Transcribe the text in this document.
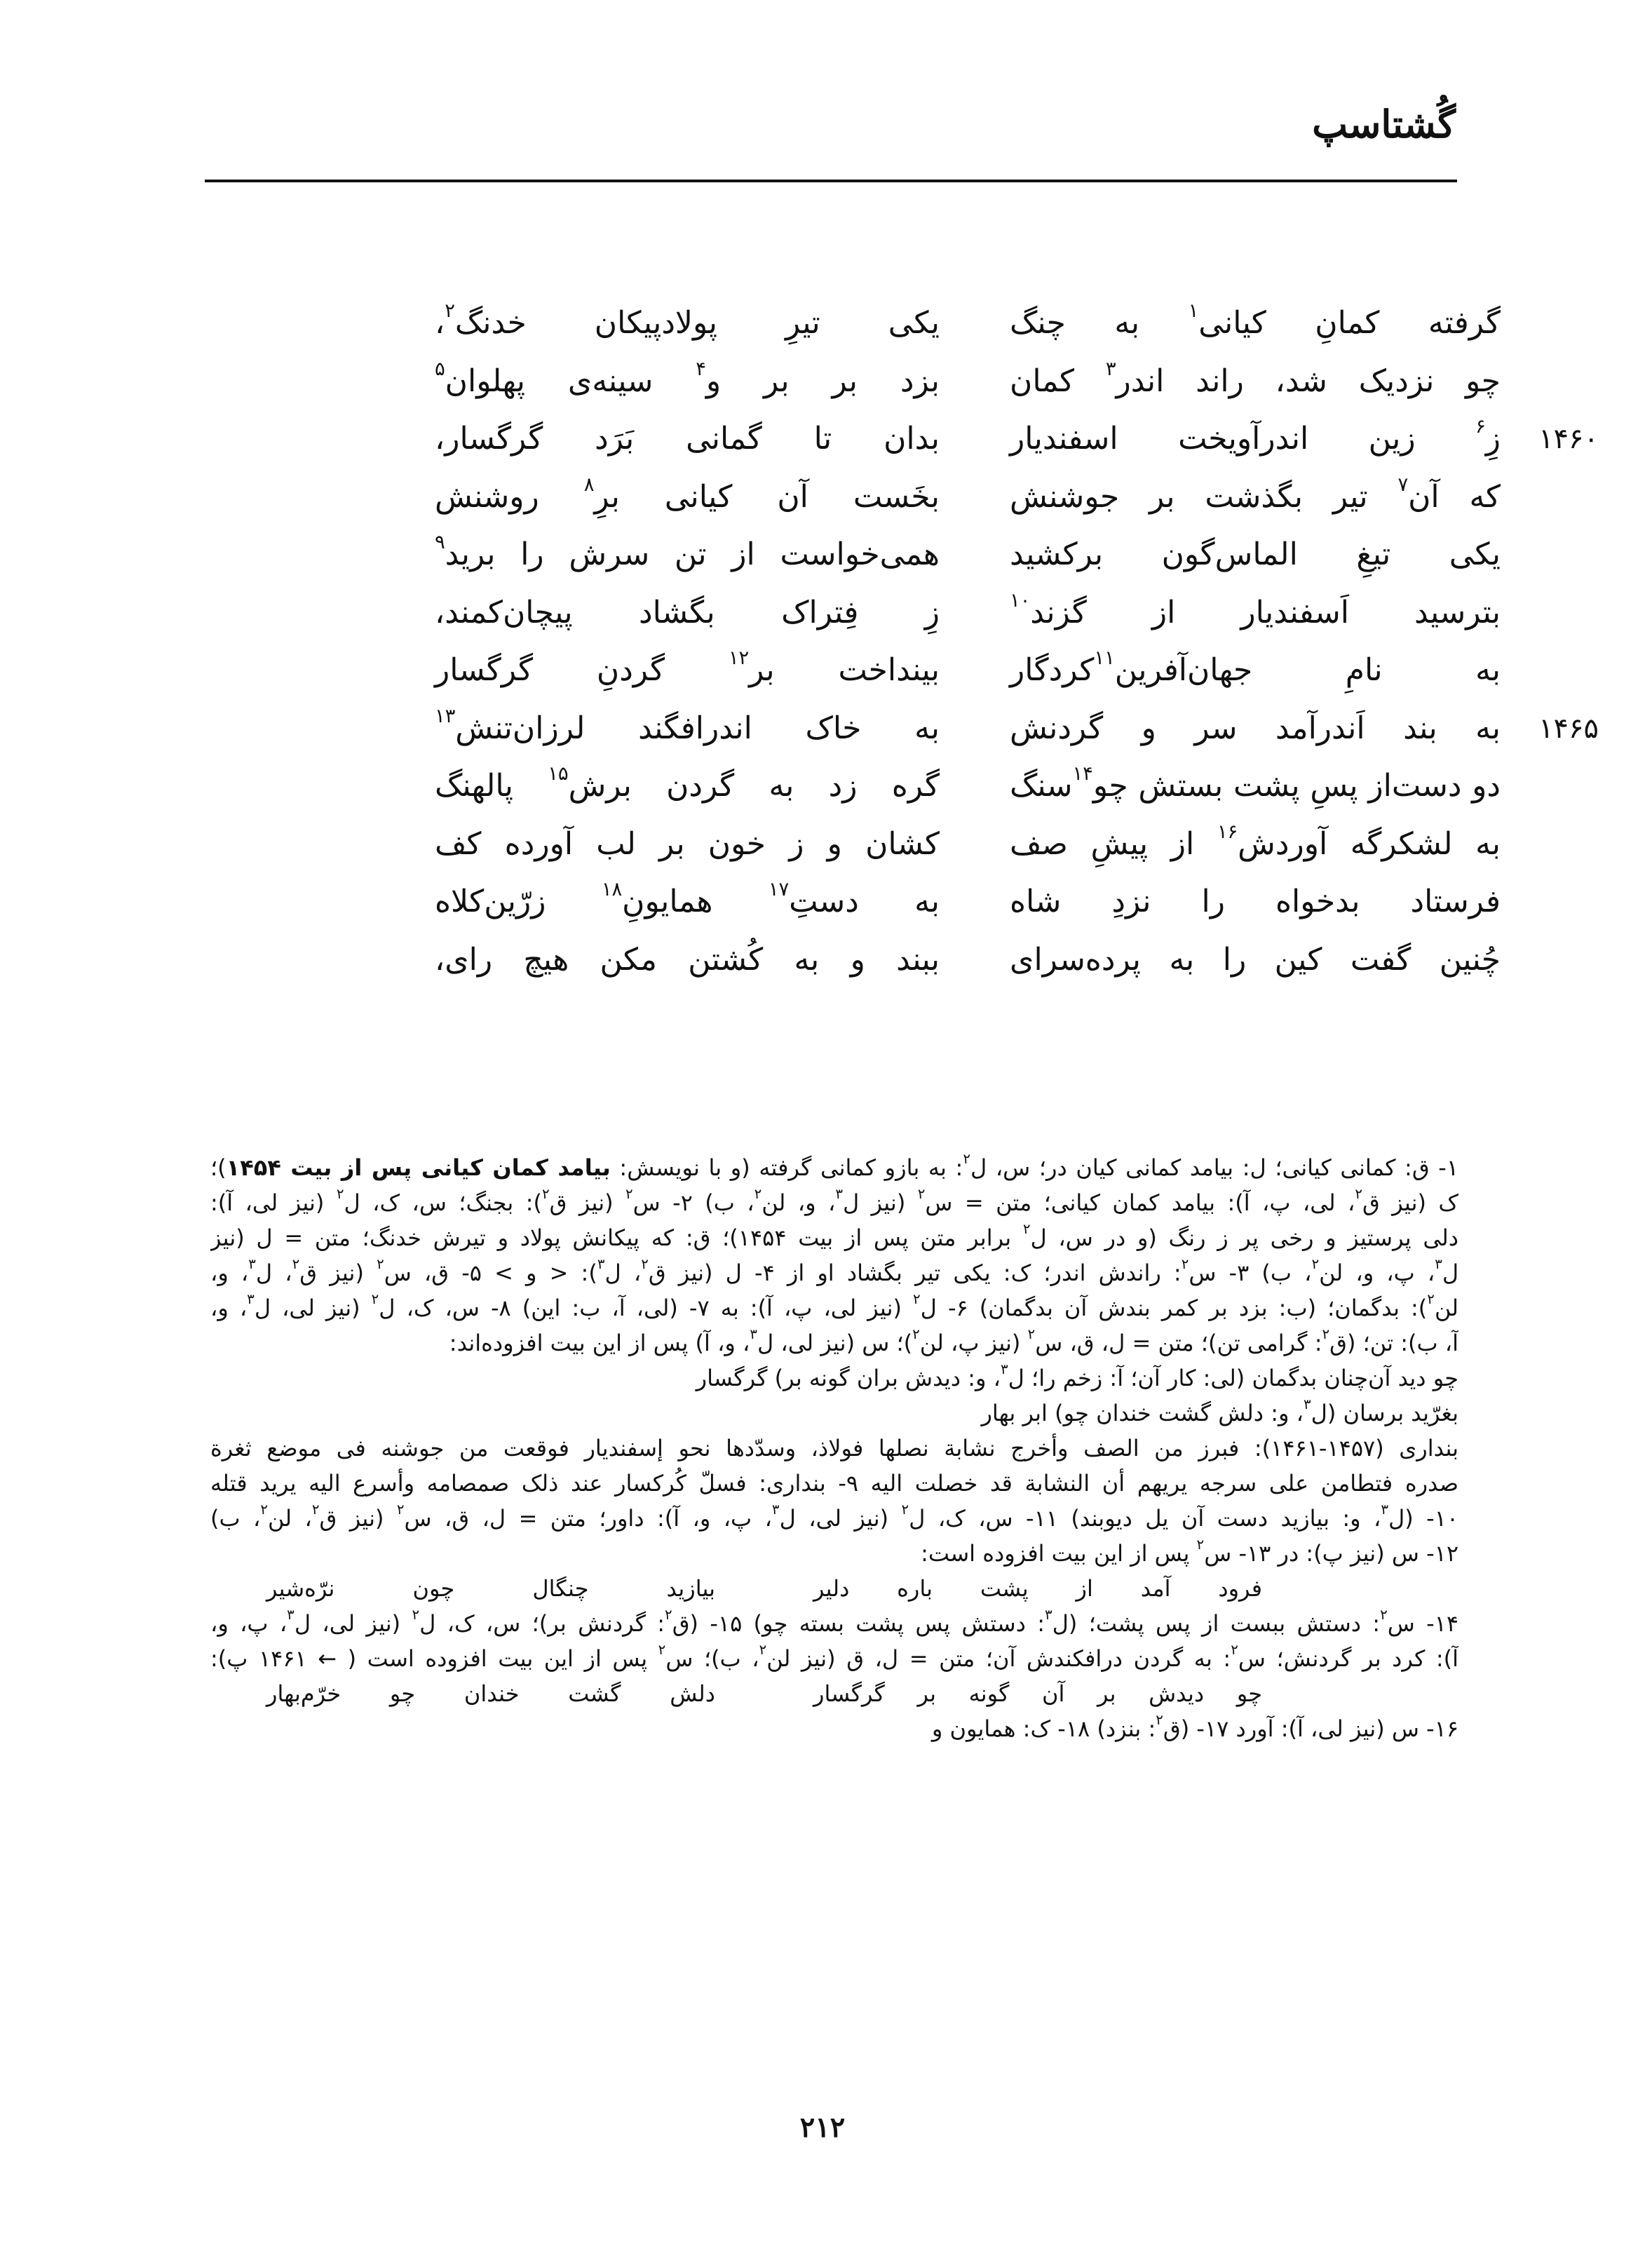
گُشتاسپ
گرفته کمانِ کیانی$^۱$ به چنگ
یکی تیرِ پولادپیکان خدنگ$^۲$،
چو نزدیک شد، راند اندر$^۳$ کمان
بزد بر بر و$^۴$ سینه‌ی پهلوان$^۵$
۱۴۶۰
زِ$^۶$ زین اندرآویخت اسفندیار
بدان تا گمانی بَرَد گرگسار،
که آن$^۷$ تیر بگذشت بر جوشنش
بخَست آن کیانی برِ$^۸$ روشنش
یکی تیغِ الماس‌گون برکشید
همی‌خواست از تن سرش را برید$^۹$
بترسید اَسفندیار از گزند$^{۱۰}$
زِ فِتراک بگشاد پیچان‌کمند،
به نامِ جهان‌آفرین$^{۱۱}$کردگار
بینداخت بر$^{۱۲}$ گردنِ گرگسار
۱۴۶۵
به بند اَندرآمد سر و گردنش
به خاک اندرافگند لرزان‌تنش$^{۱۳}$
دو دست‌از پسِ پشت بستش چو$^{۱۴}$سنگ
گره زد به گردن برش$^{۱۵}$ پالهنگ
به لشکرگه آوردش$^{۱۶}$ از پیشِ صف
کشان و ز خون بر لب آورده کف
فرستاد بدخواه را نزدِ شاه
به دستِ$^{۱۷}$ همایونِ$^{۱۸}$ زرّین‌کلاه
چُنین گفت کین را به پرده‌سرای
ببند و به کُشتن مکن هیچ رای،
۱- ق: کمانی کیانی؛ ل: بیامد کمانی کیان در؛ س، ل$^۲$: به بازو کمانی گرفته (و با نویسش: بیامد کمان کیانی پس از بیت ۱۴۵۴)؛
ک (نیز ق$^۲$، لی، پ، آ): بیامد کمان کیانی؛ متن = س$^۲$ (نیز ل$^۳$، و، لن$^۲$، ب) ۲- س$^۲$ (نیز ق$^۲$): بجنگ؛ س، ک، ل$^۲$ (نیز لی، آ):
دلی پرستیز و رخی پر ز رنگ (و در س، ل$^۲$ برابر متن پس از بیت ۱۴۵۴)؛ ق: که پیکانش پولاد و تیرش خدنگ؛ متن = ل (نیز
ل$^۳$، پ، و، لن$^۲$، ب) ۳- س$^۲$: راندش اندر؛ ک: یکی تیر بگشاد او از ۴- ل (نیز ق$^۲$، ل$^۳$): < و > ۵- ق، س$^۲$ (نیز ق$^۲$، ل$^۳$، و،
لن$^۲$): بدگمان؛ (ب: بزد بر کمر بندش آن بدگمان) ۶- ل$^۲$ (نیز لی، پ، آ): به ۷- (لی، آ، ب: این) ۸- س، ک، ل$^۲$ (نیز لی، ل$^۳$، و،
آ، ب): تن؛ (ق$^۲$: گرامی تن)؛ متن = ل، ق، س$^۲$ (نیز پ، لن$^۲$)؛ س (نیز لی، ل$^۳$، و، آ) پس از این بیت افزوده‌اند:
چو دید آن‌چنان بدگمان (لی: کار آن؛ آ: زخم را؛ ل$^۳$، و: دیدش بران گونه بر) گرگسار
بغرّید برسان (ل$^۳$، و: دلش گشت خندان چو) ابر بهار
بنداری (۱۴۵۷-۱۴۶۱): فبرز من الصف وأخرج نشابة نصلها فولاذ، وسدّدها نحو إسفندیار فوقعت من جوشنه فی موضع ثغرة
صدره فتطامن علی سرجه یریهم أن النشابة قد خصلت الیه ۹- بنداری: فسلّ کُرکسار عند ذلک صمصامه وأسرع الیه یرید قتله
۱۰- (ل$^۳$، و: بیازید دست آن یل دیوبند) ۱۱- س، ک، ل$^۲$ (نیز لی، ل$^۳$، پ، و، آ): داور؛ متن = ل، ق، س$^۲$ (نیز ق$^۲$، لن$^۲$، ب)
۱۲- س (نیز پ): در ۱۳- س$^۲$ پس از این بیت افزوده است:
فرود آمد از پشت باره دلیر
بیازید چنگال چون نرّه‌شیر
۱۴- س$^۲$: دستش ببست از پس پشت؛ (ل$^۳$: دستش پس پشت بسته چو) ۱۵- (ق$^۲$: گردنش بر)؛ س، ک، ل$^۲$ (نیز لی، ل$^۳$، پ، و،
آ): کرد بر گردنش؛ س$^۲$: به گردن درافکندش آن؛ متن = ل، ق (نیز لن$^۲$، ب)؛ س$^۲$ پس از این بیت افزوده است ( ← ۱۴۶۱ پ):
چو دیدش بر آن گونه بر گرگسار
دلش گشت خندان چو خرّم‌بهار
۱۶- س (نیز لی، آ): آورد ۱۷- (ق$^۲$: بنزد) ۱۸- ک: همایون و
۲۱۲
